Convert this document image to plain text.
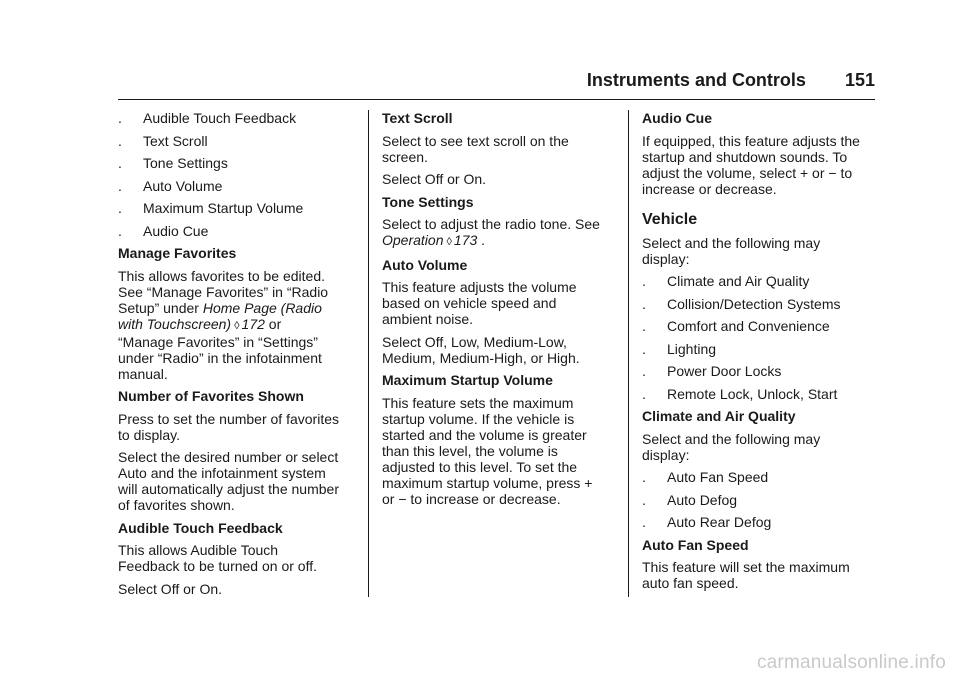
Instruments and Controls 151
.	Audible Touch Feedback
.	Text Scroll
.	Tone Settings
.	Auto Volume
.	Maximum Startup Volume
.	Audio Cue
Manage Favorites
This allows favorites to be edited.
See “Manage Favorites” in “Radio
Setup” under Home Page (Radio
with Touchscreen) ◊ 172 or
“Manage Favorites” in “Settings”
under “Radio” in the infotainment
manual.
Number of Favorites Shown
Press to set the number of favorites
to display.
Select the desired number or select
Auto and the infotainment system
will automatically adjust the number
of favorites shown.
Audible Touch Feedback
This allows Audible Touch
Feedback to be turned on or off.
Select Off or On.
Text Scroll
Select to see text scroll on the
screen.
Select Off or On.
Tone Settings
Select to adjust the radio tone. See
Operation ◊ 173 .
Auto Volume
This feature adjusts the volume
based on vehicle speed and
ambient noise.
Select Off, Low, Medium-Low,
Medium, Medium-High, or High.
Maximum Startup Volume
This feature sets the maximum
startup volume. If the vehicle is
started and the volume is greater
than this level, the volume is
adjusted to this level. To set the
maximum startup volume, press +
or − to increase or decrease.
Audio Cue
If equipped, this feature adjusts the
startup and shutdown sounds. To
adjust the volume, select + or − to
increase or decrease.
Vehicle
Select and the following may
display:
.	Climate and Air Quality
.	Collision/Detection Systems
.	Comfort and Convenience
.	Lighting
.	Power Door Locks
.	Remote Lock, Unlock, Start
Climate and Air Quality
Select and the following may
display:
.	Auto Fan Speed
.	Auto Defog
.	Auto Rear Defog
Auto Fan Speed
This feature will set the maximum
auto fan speed.
carmanualsonline.info
